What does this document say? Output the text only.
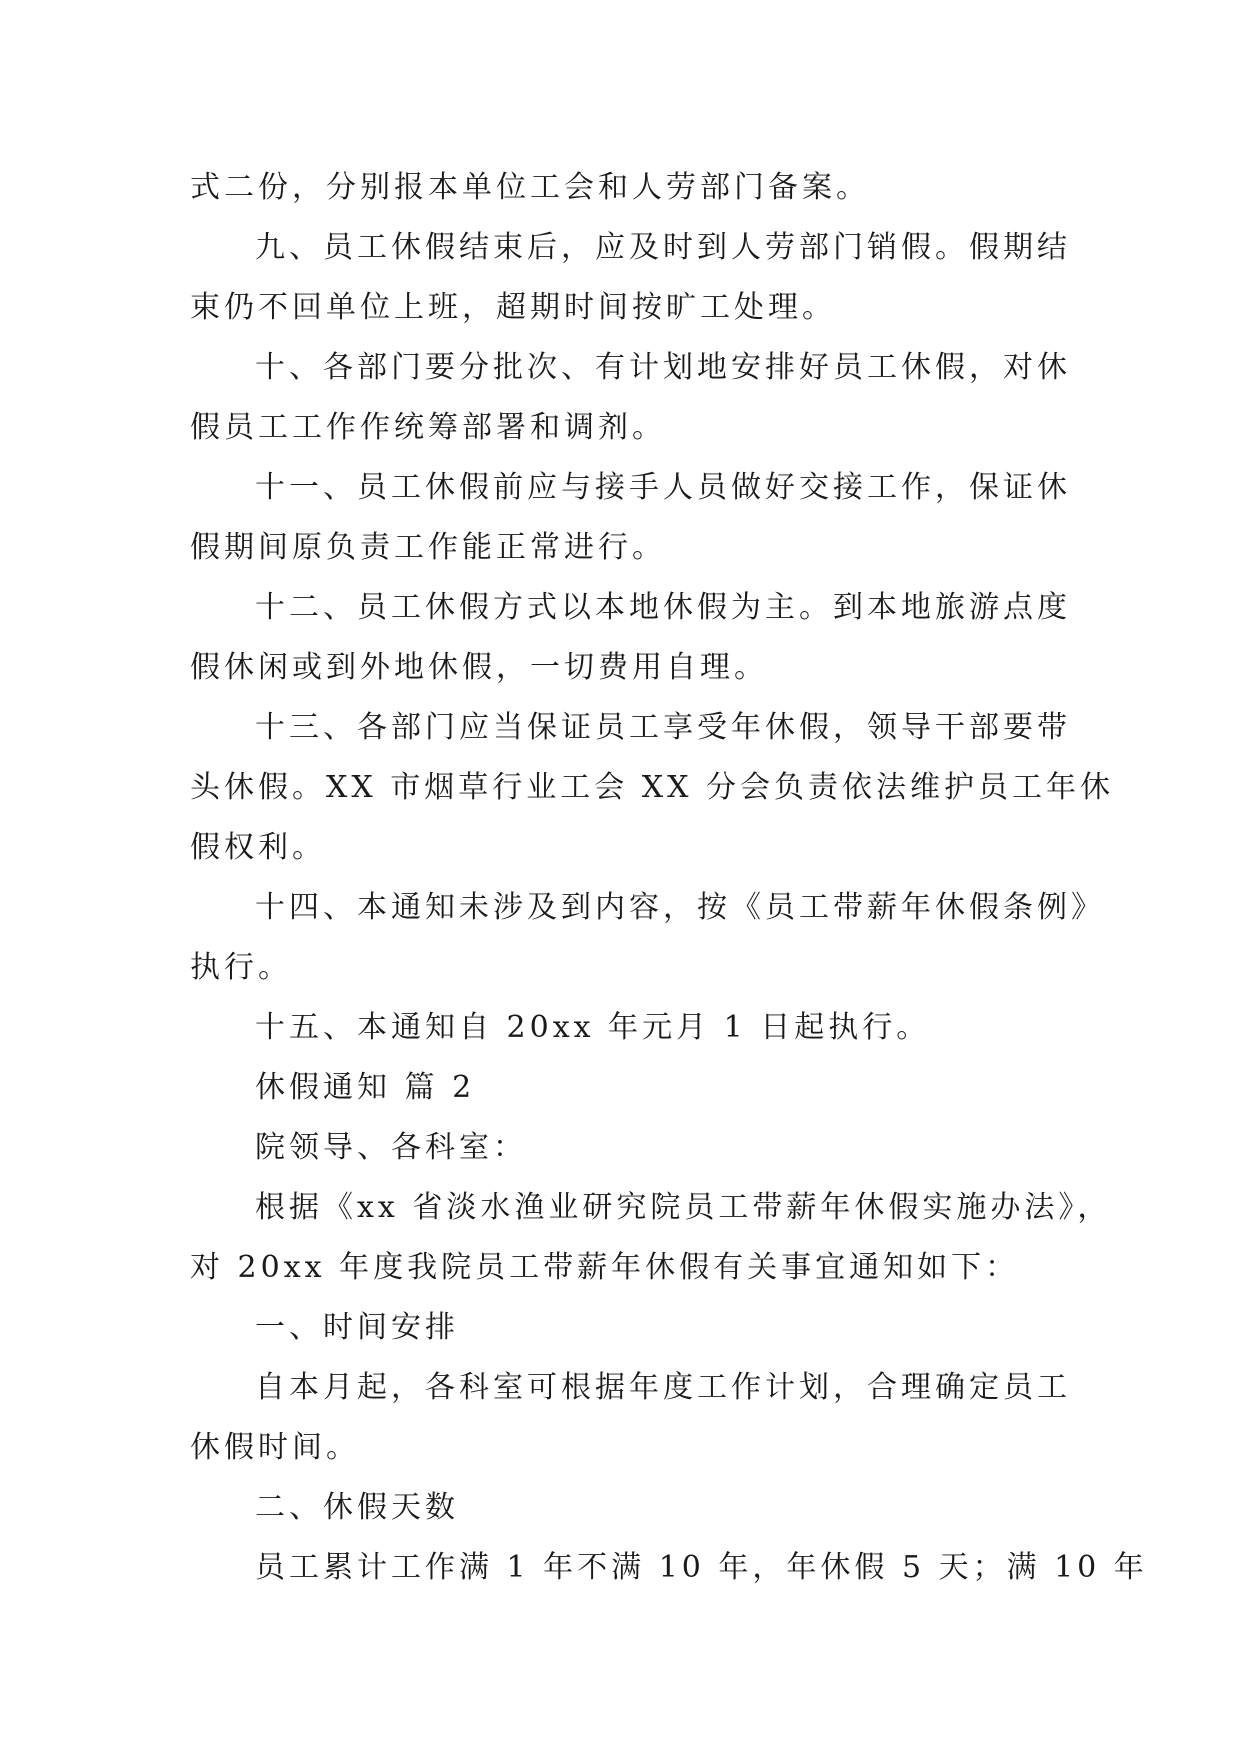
式二份，分别报本单位工会和人劳部门备案。
九、员工休假结束后，应及时到人劳部门销假。假期结
束仍不回单位上班，超期时间按旷工处理。
十、各部门要分批次、有计划地安排好员工休假，对休
假员工工作作统筹部署和调剂。
十一、员工休假前应与接手人员做好交接工作，保证休
假期间原负责工作能正常进行。
十二、员工休假方式以本地休假为主。到本地旅游点度
假休闲或到外地休假，一切费用自理。
十三、各部门应当保证员工享受年休假，领导干部要带
头休假。XX 市烟草行业工会 XX 分会负责依法维护员工年休
假权利。
十四、本通知未涉及到内容，按《员工带薪年休假条例》
执行。
十五、本通知自 20xx 年元月 1 日起执行。
休假通知 篇 2
院领导、各科室：
根据《xx 省淡水渔业研究院员工带薪年休假实施办法》，
对 20xx 年度我院员工带薪年休假有关事宜通知如下：
一、时间安排
自本月起，各科室可根据年度工作计划，合理确定员工
休假时间。
二、休假天数
员工累计工作满 1 年不满 10 年，年休假 5 天；满 10 年
